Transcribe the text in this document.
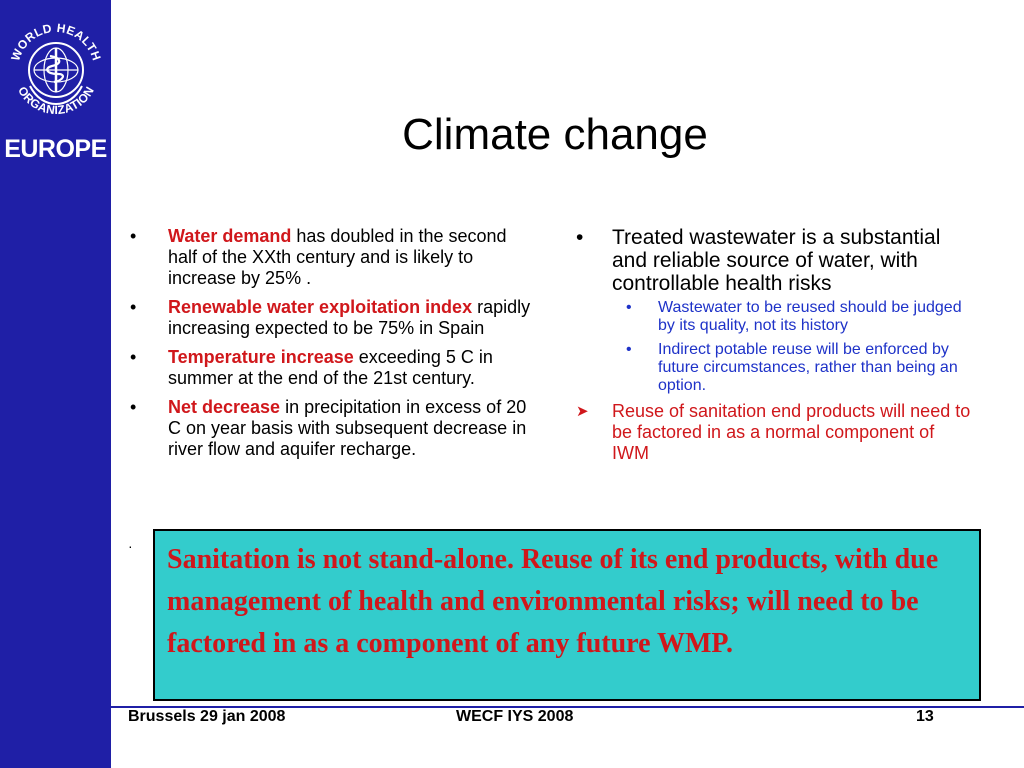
WORLD HEALTH
ORGANIZATION
EUROPE	Climate change
• Water demand has doubled in the second half of the XXth century and is likely to increase by 25% .
• Renewable water exploitation index rapidly increasing expected to be 75% in Spain
• Temperature increase exceeding 5 C in summer at the end of the 21st century.
• Net decrease in precipitation in excess of 20 C on year basis with subsequent decrease in river flow and aquifer recharge.
·
• Treated wastewater is a substantial and reliable source of water, with controllable health risks
• Wastewater to be reused should be judged by its quality, not its history
• Indirect potable reuse will be enforced by future circumstances, rather than being an option.
➤ Reuse of sanitation end products will need to be factored in as a normal component of IWM
Sanitation is not stand-alone. Reuse of its end products, with due management of health and environmental risks; will need to be factored in as a component of any future WMP.
Brussels 29 jan 2008	WECF IYS 2008	13
